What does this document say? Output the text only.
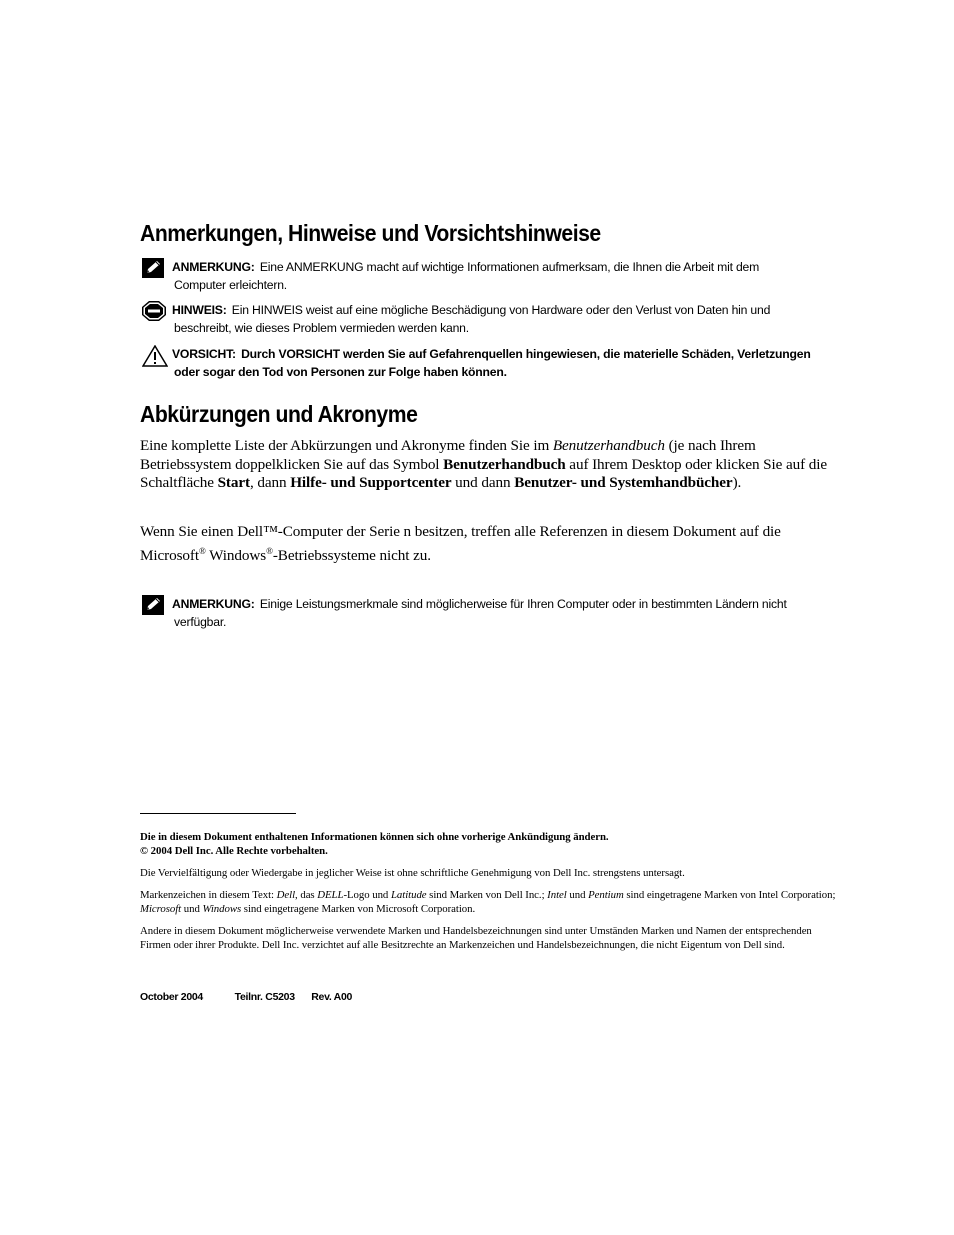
Anmerkungen, Hinweise und Vorsichtshinweise
ANMERKUNG: Eine ANMERKUNG macht auf wichtige Informationen aufmerksam, die Ihnen die Arbeit mit dem
Computer erleichtern.
HINWEIS: Ein HINWEIS weist auf eine mögliche Beschädigung von Hardware oder den Verlust von Daten hin und
beschreibt, wie dieses Problem vermieden werden kann.
VORSICHT: Durch VORSICHT werden Sie auf Gefahrenquellen hingewiesen, die materielle Schäden, Verletzungen
oder sogar den Tod von Personen zur Folge haben können.
Abkürzungen und Akronyme

Eine komplette Liste der Abkürzungen und Akronyme finden Sie im Benutzerhandbuch (je nach Ihrem Betriebssystem doppelklicken Sie auf das Symbol Benutzerhandbuch auf Ihrem Desktop oder klicken Sie auf die Schaltfläche Start, dann Hilfe- und Supportcenter und dann Benutzer- und Systemhandbücher).

Wenn Sie einen Dell™-Computer der Serie n besitzen, treffen alle Referenzen in diesem Dokument auf die Microsoft® Windows®-Betriebssysteme nicht zu.

ANMERKUNG: Einige Leistungsmerkmale sind möglicherweise für Ihren Computer oder in bestimmten Ländern nicht
verfügbar.
Die in diesem Dokument enthaltenen Informationen können sich ohne vorherige Ankündigung ändern.
© 2004 Dell Inc. Alle Rechte vorbehalten.
Die Vervielfältigung oder Wiedergabe in jeglicher Weise ist ohne schriftliche Genehmigung von Dell Inc. strengstens untersagt.
Markenzeichen in diesem Text: Dell, das DELL-Logo und Latitude sind Marken von Dell Inc.; Intel und Pentium sind eingetragene Marken von Intel Corporation; Microsoft und Windows sind eingetragene Marken von Microsoft Corporation.
Andere in diesem Dokument möglicherweise verwendete Marken und Handelsbezeichnungen sind unter Umständen Marken und Namen der entsprechenden Firmen oder ihrer Produkte. Dell Inc. verzichtet auf alle Besitzrechte an Markenzeichen und Handelsbezeichnungen, die nicht Eigentum von Dell sind.
October 2004	Teilnr. C5203 Rev. A00
